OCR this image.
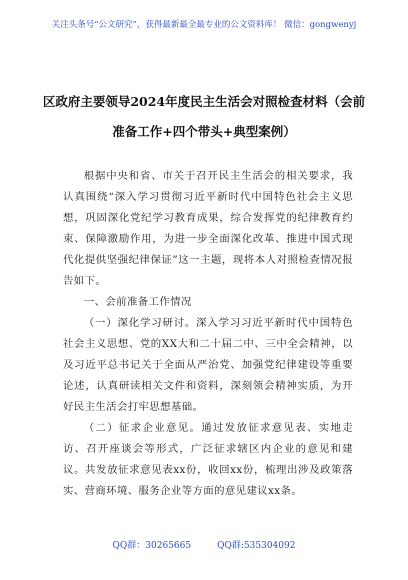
关注头条号“公文研究”，获得最新最全最专业的公文资料库！ 微信：gongwenyj
区政府主要领导2024年度民主生活会对照检查材料（会前
准备工作+四个带头+典型案例）

根据中央和省、市关于召开民主生活会的相关要求，我认真围绕“深入学习贯彻习近平新时代中国特色社会主义思想，巩固深化党纪学习教育成果，综合发挥党的纪律教育约束、保障激励作用，为进一步全面深化改革、推进中国式现代化提供坚强纪律保证”这一主题，现将本人对照检查情况报告如下。

一、会前准备工作情况

（一）深化学习研讨。深入学习习近平新时代中国特色社会主义思想、党的XX大和二十届二中、三中全会精神，以及习近平总书记关于全面从严治党、加强党纪律建设等重要论述，认真研读相关文件和资料，深刻领会精神实质，为开好民主生活会打牢思想基础。

（二）征求企业意见。通过发放征求意见表、实地走访、召开座谈会等形式，广泛征求辖区内企业的意见和建议。共发放征求意见表xx份，收回xx份，梳理出涉及政策落实、营商环境、服务企业等方面的意见建议xx条。

QQ群：30265665	QQ群:535304092
